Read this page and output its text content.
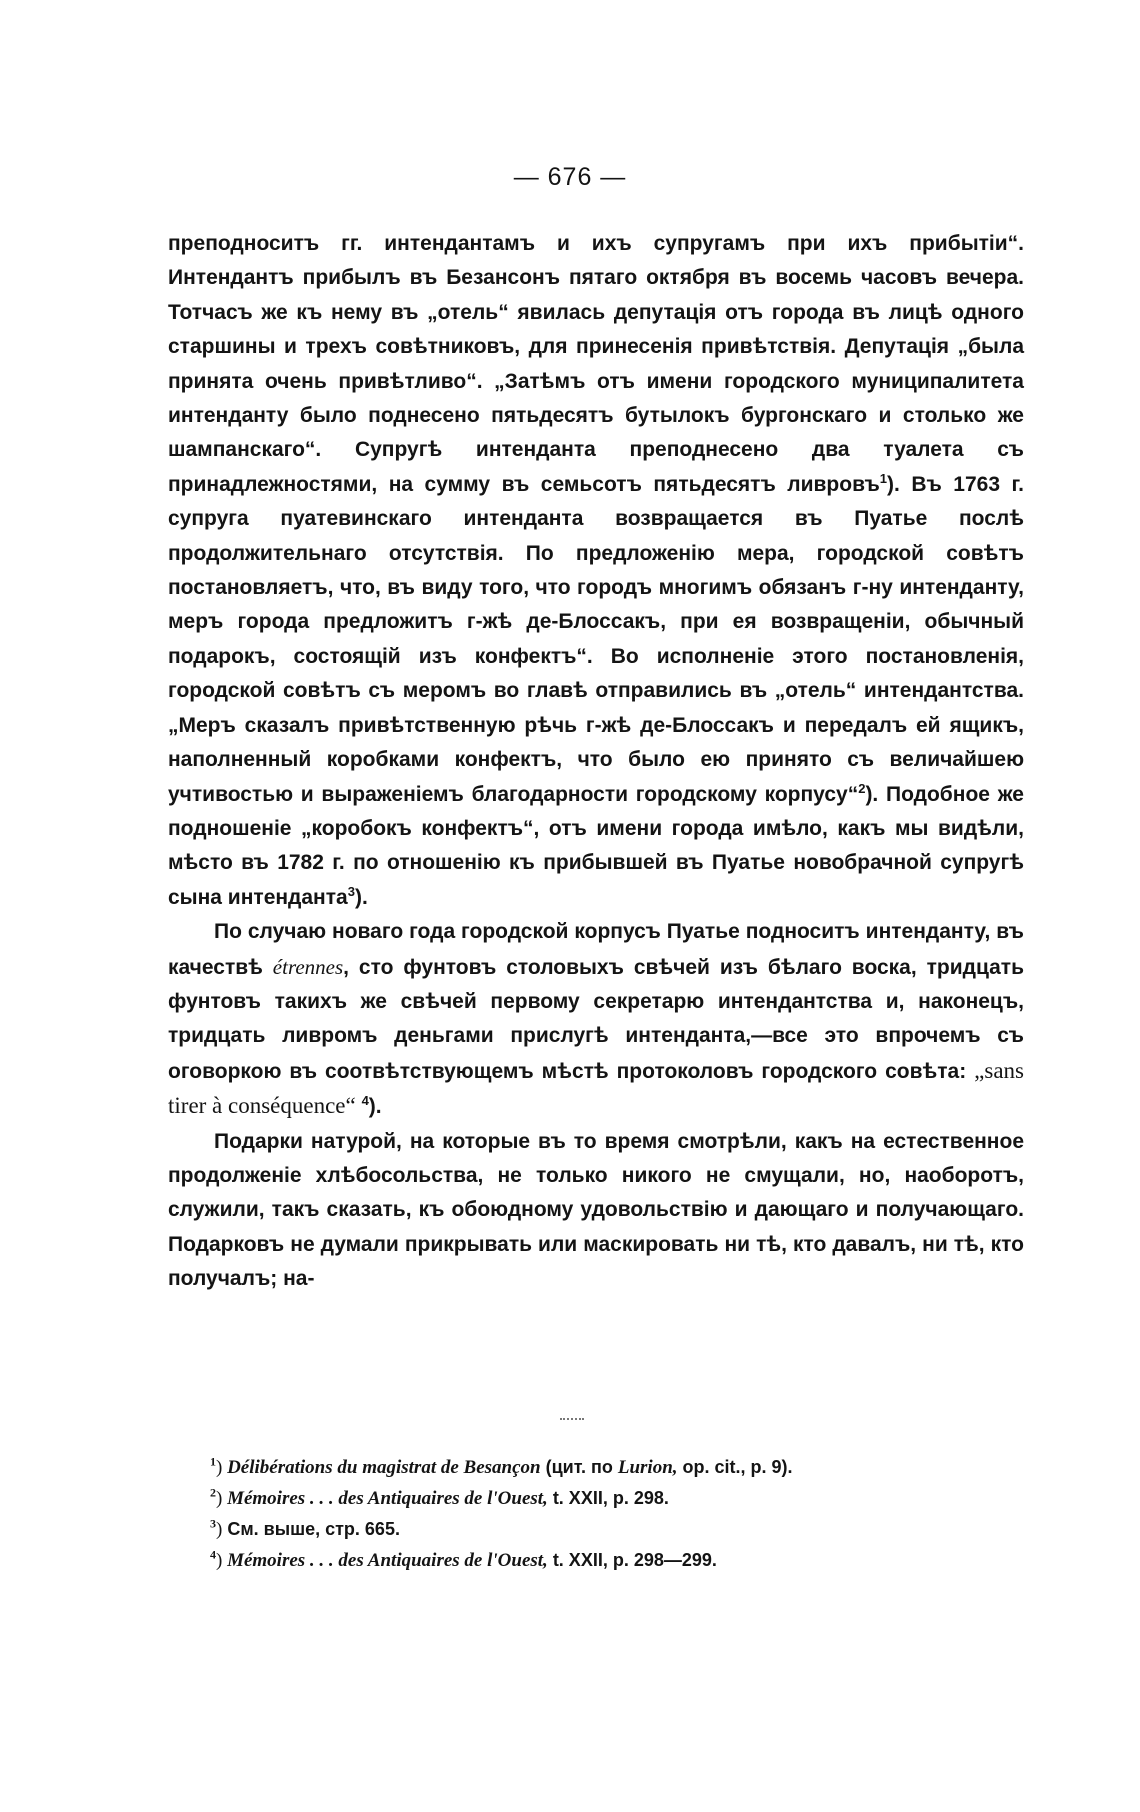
— 676 —

преподноситъ гг. интендантамъ и ихъ супругамъ при ихъ прибытіи“. Интендантъ прибылъ въ Безансонъ пятаго октября въ восемь часовъ вечера. Тотчасъ же къ нему въ „отель“ явилась депутація отъ города въ лицѣ одного старшины и трехъ совѣтниковъ, для принесенія привѣтствія. Депутація „была принята очень привѣтливо“. „Затѣмъ отъ имени городского муниципалитета интенданту было поднесено пятьдесятъ бутылокъ бургонскаго и столько же шампанскаго“. Супругѣ интенданта преподнесено два туалета съ принадлежностями, на сумму въ семьсотъ пятьдесятъ ливровъ$^1$). Въ 1763 г. супруга пуатевинскаго интенданта возвращается въ Пуатье послѣ продолжительнаго отсутствія. По предложенію мера, городской совѣтъ постановляетъ, что, въ виду того, что городъ многимъ обязанъ г-ну интенданту, меръ города предложитъ г-жѣ де-Блоссакъ, при ея возвращеніи, обычный подарокъ, состоящій изъ конфектъ“. Во исполненіе этого постановленія, городской совѣтъ съ меромъ во главѣ отправились въ „отель“ интендантства. „Меръ сказалъ привѣтственную рѣчь г-жѣ де-Блоссакъ и передалъ ей ящикъ, наполненный коробками конфектъ, что было ею принято съ величайшею учтивостью и выраженіемъ благодарности городскому корпусу“$^2$). Подобное же подношеніе „коробокъ конфектъ“, отъ имени города имѣло, какъ мы видѣли, мѣсто въ 1782 г. по отношенію къ прибывшей въ Пуатье новобрачной супругѣ сына интенданта$^3$).

По случаю новаго года городской корпусъ Пуатье подноситъ интенданту, въ качествѣ étrennes, сто фунтовъ столовыхъ свѣчей изъ бѣлаго воска, тридцать фунтовъ такихъ же свѣчей первому секретарю интендантства и, наконецъ, тридцать ливромъ деньгами прислугѣ интенданта,—все это впрочемъ съ оговоркою въ соотвѣтствующемъ мѣстѣ протоколовъ городского совѣта: „sans tirer à conséquence“ $^4$).

Подарки натурой, на которые въ то время смотрѣли, какъ на естественное продолженіе хлѣбосольства, не только никого не смущали, но, наоборотъ, служили, такъ сказать, къ обоюдному удовольствію и дающаго и получающаго. Подарковъ не думали прикрывать или маскировать ни тѣ, кто давалъ, ни тѣ, кто получалъ; на-

$^1$) Délibérations du magistrat de Besançon (цит. по Lurion, op. cit., p. 9).
$^2$) Mémoires . . . des Antiquaires de l'Ouest, t. XXII, p. 298.
$^3$) См. выше, стр. 665.
$^4$) Mémoires . . . des Antiquaires de l'Ouest, t. XXII, p. 298—299.
